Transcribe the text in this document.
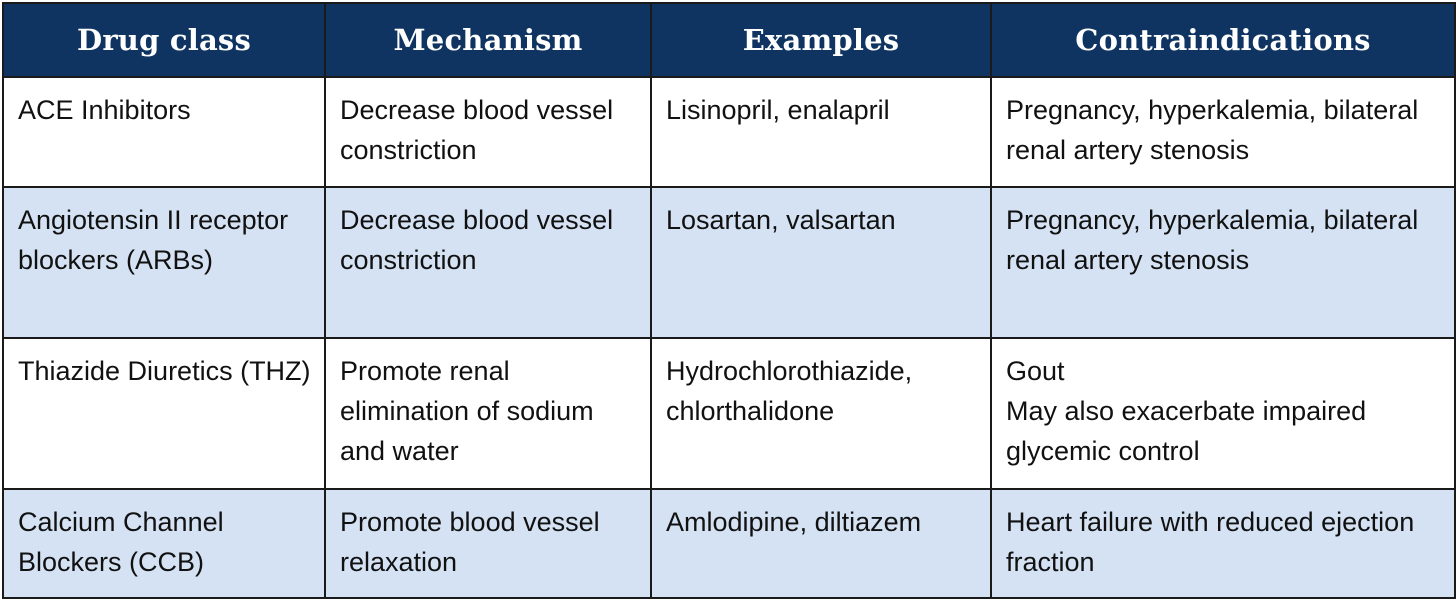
Drug class	Mechanism	Examples	Contraindications
ACE Inhibitors	Decrease blood vessel constriction	Lisinopril, enalapril	Pregnancy, hyperkalemia, bilateral renal artery stenosis

Angiotensin II receptor blockers (ARBs)	Decrease blood vessel constriction	Losartan, valsartan	Pregnancy, hyperkalemia, bilateral renal artery stenosis

Thiazide Diuretics (THZ)	Promote renal elimination of sodium and water	Hydrochlorothiazide, chlorthalidone	Gout
May also exacerbate impaired glycemic control

Calcium Channel Blockers (CCB)	Promote blood vessel relaxation	Amlodipine, diltiazem	Heart failure with reduced ejection fraction
